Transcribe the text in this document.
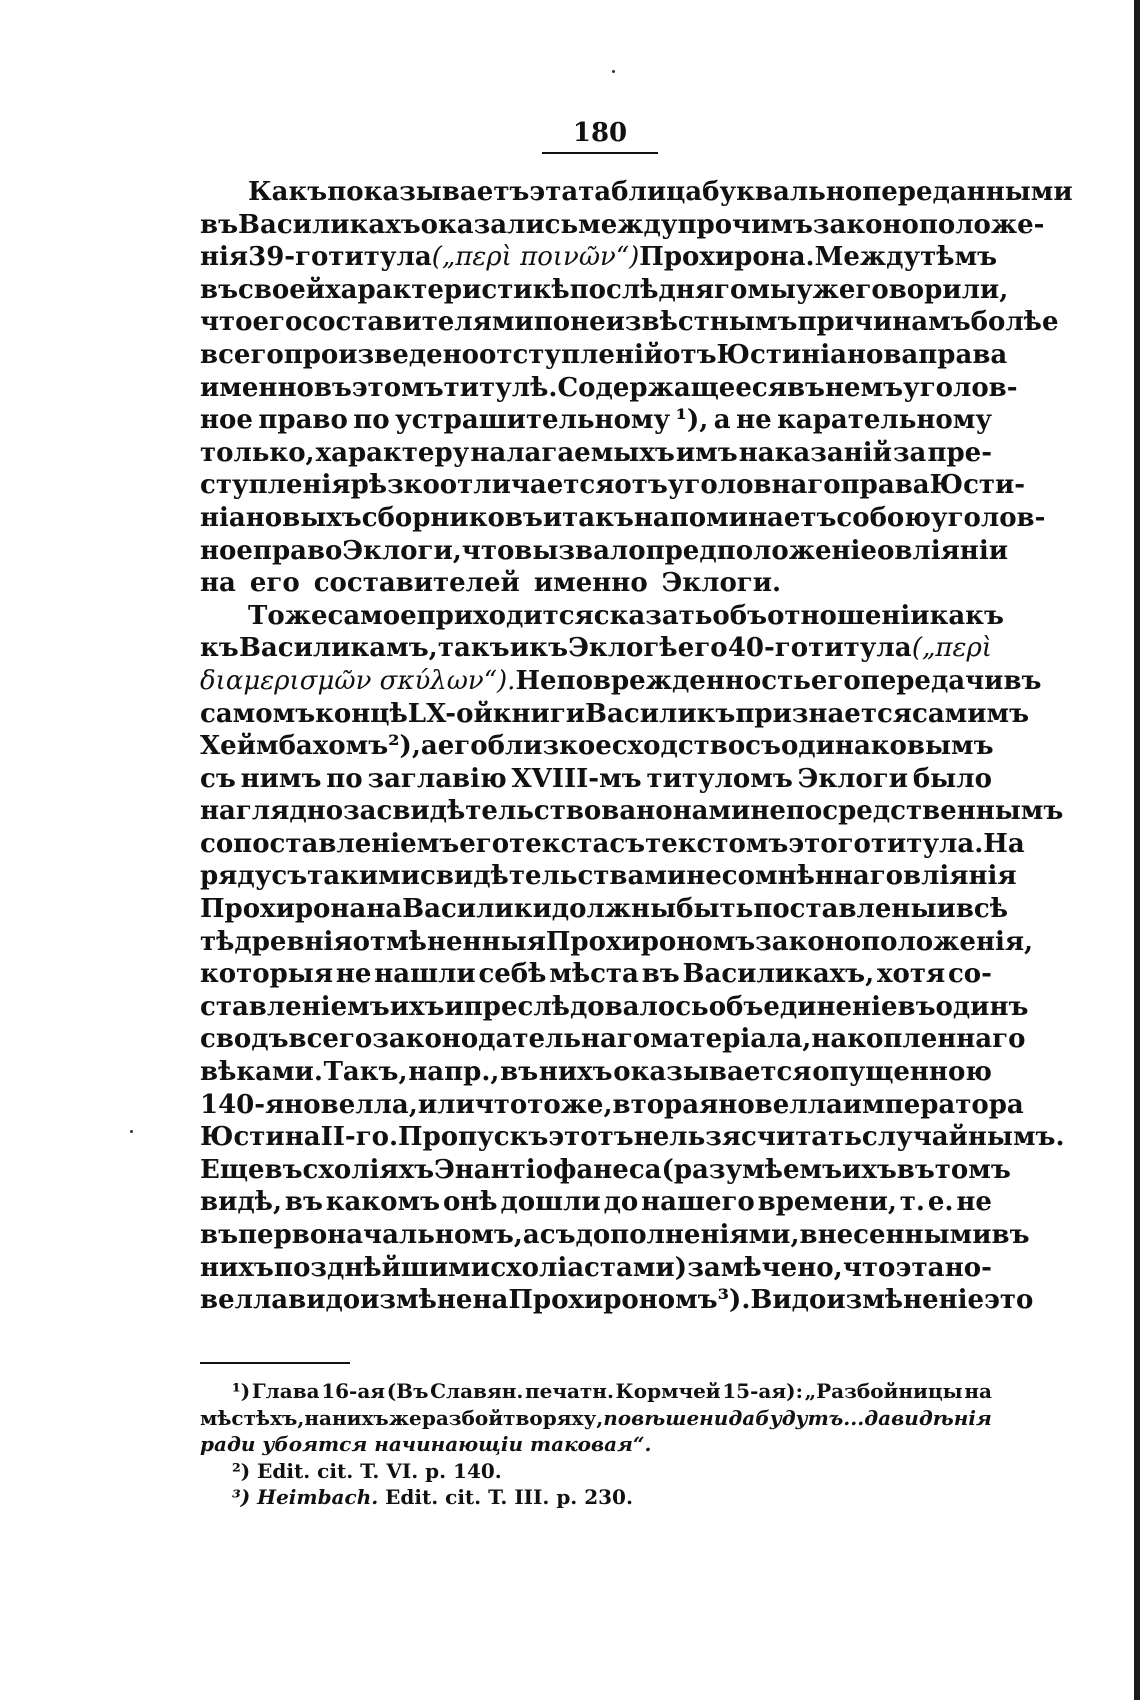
180
Какъ показываетъ эта таблица буквально переданными
въ Василикахъ оказались между прочимъ законоположе-
нія 39-го титула („περὶ ποινῶν“) Прохирона. Между тѣмъ
въ своей характеристикѣ послѣдняго мы уже говорили,
что его составителями по неизвѣстнымъ причинамъ болѣе
всего произведено отступленій отъ Юстиніанова права
именно въ этомъ титулѣ. Содержащееся въ немъ уголов-
ное право по устрашительному ¹), а не карательному
только, характеру налагаемыхъ имъ наказаній за пре-
ступленія рѣзко отличается отъ уголовнаго права Юсти-
ніановыхъ сборниковъ и такъ напоминаетъ собою уголов-
ное право Эклоги, что вызвало предположеніе о вліяніи
на его составителей именно Эклоги.
То же самое приходится сказать объ отношеніи какъ
къ Василикамъ, такъ и къ Эклогѣ его 40-го титула („περὶ
διαμερισμῶν σκύλων“). Неповрежденность его передачи въ
самомъ концѣ LX-ой книги Василикъ признается самимъ
Хеймбахомъ ²), а его близкое сходство съ одинаковымъ
съ нимъ по заглавію XVIII-мъ титуломъ Эклоги было
наглядно засвидѣтельствовано нами непосредственнымъ
сопоставленіемъ его текста съ текстомъ этого титула. На
ряду съ такими свидѣтельствами несомнѣннаго вліянія
Прохирона на Василики должны быть поставлены и всѣ
тѣ древнія отмѣненныя Прохирономъ законоположенія,
которыя не нашли себѣ мѣста въ Василикахъ, хотя со-
ставленіемъ ихъ и преслѣдовалось объединеніе въ одинъ
сводъ всего законодательнаго матеріала, накопленнаго
вѣками. Такъ, напр., въ нихъ оказывается опущенною
140-я новелла, или что то же, вторая новелла императора
Юстина II-го. Пропускъ этотъ нельзя считать случайнымъ.
Еще въ схоліяхъ Энантіофанеса (разумѣемъ ихъ въ томъ
видѣ, въ какомъ онѣ дошли до нашего времени, т. е. не
въ первоначальномъ, а съ дополненіями, внесенными въ
нихъ позднѣйшими схоліастами) замѣчено, что эта но-
велла видоизмѣнена Прохирономъ ³). Видоизмѣненіе это
¹) Глава 16-ая (Въ Славян. печатн. Кормчей 15-ая): „Разбойницы на
мѣстѣхъ, на нихъ же разбой творяху, повѣшени да будутъ... да видѣнія
ради убоятся начинающіи таковая“.
²) Edit. cit. T. VI. p. 140.
³) Heimbach. Edit. cit. T. III. p. 230.
